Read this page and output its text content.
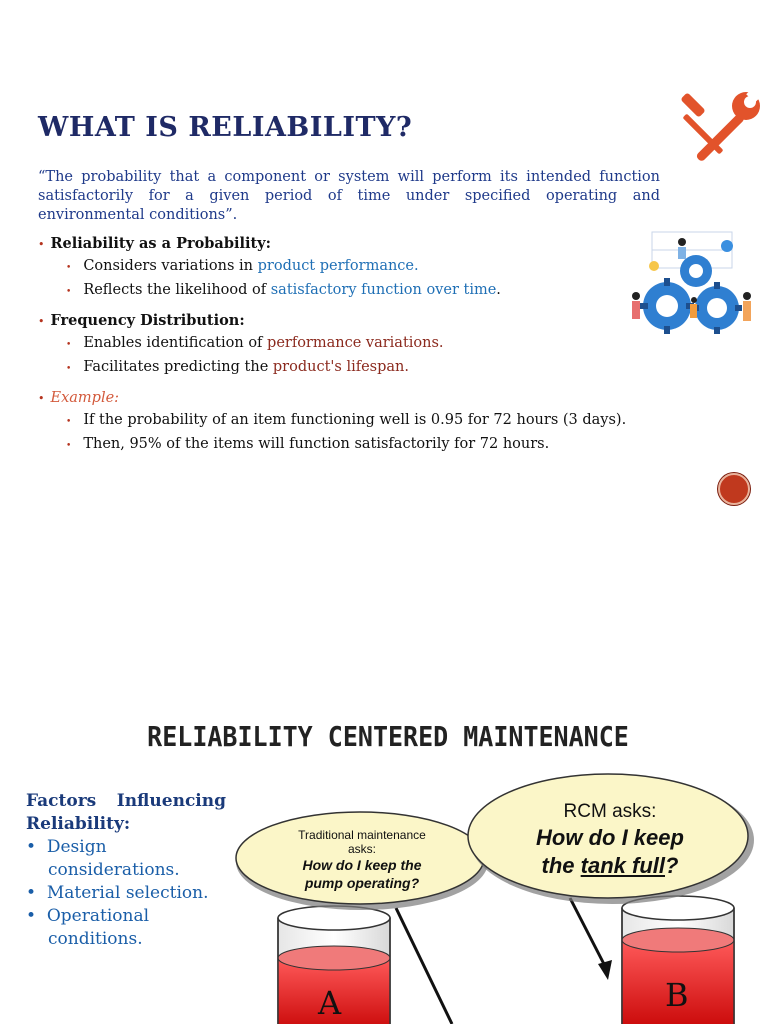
WHAT IS RELIABILITY?
“The probability that a component or system will perform its intended function satisfactorily for a given period of time under specified operating and environmental conditions”.
• Reliability as a Probability:
• Considers variations in product performance.
• Reflects the likelihood of satisfactory function over time.
• Frequency Distribution:
• Enables identification of performance variations.
• Facilitates predicting the product's lifespan.
• Example:
• If the probability of an item functioning well is 0.95 for 72 hours (3 days).
• Then, 95% of the items will function satisfactorily for 72 hours.
RELIABILITY CENTERED MAINTENANCE
Factors Influencing Reliability:
•  Design considerations.
•  Material selection.
•  Operational conditions.
Traditional maintenance
asks:
How do I keep the
pump operating?
RCM asks:
How do I keep
the tank full?
A	B
